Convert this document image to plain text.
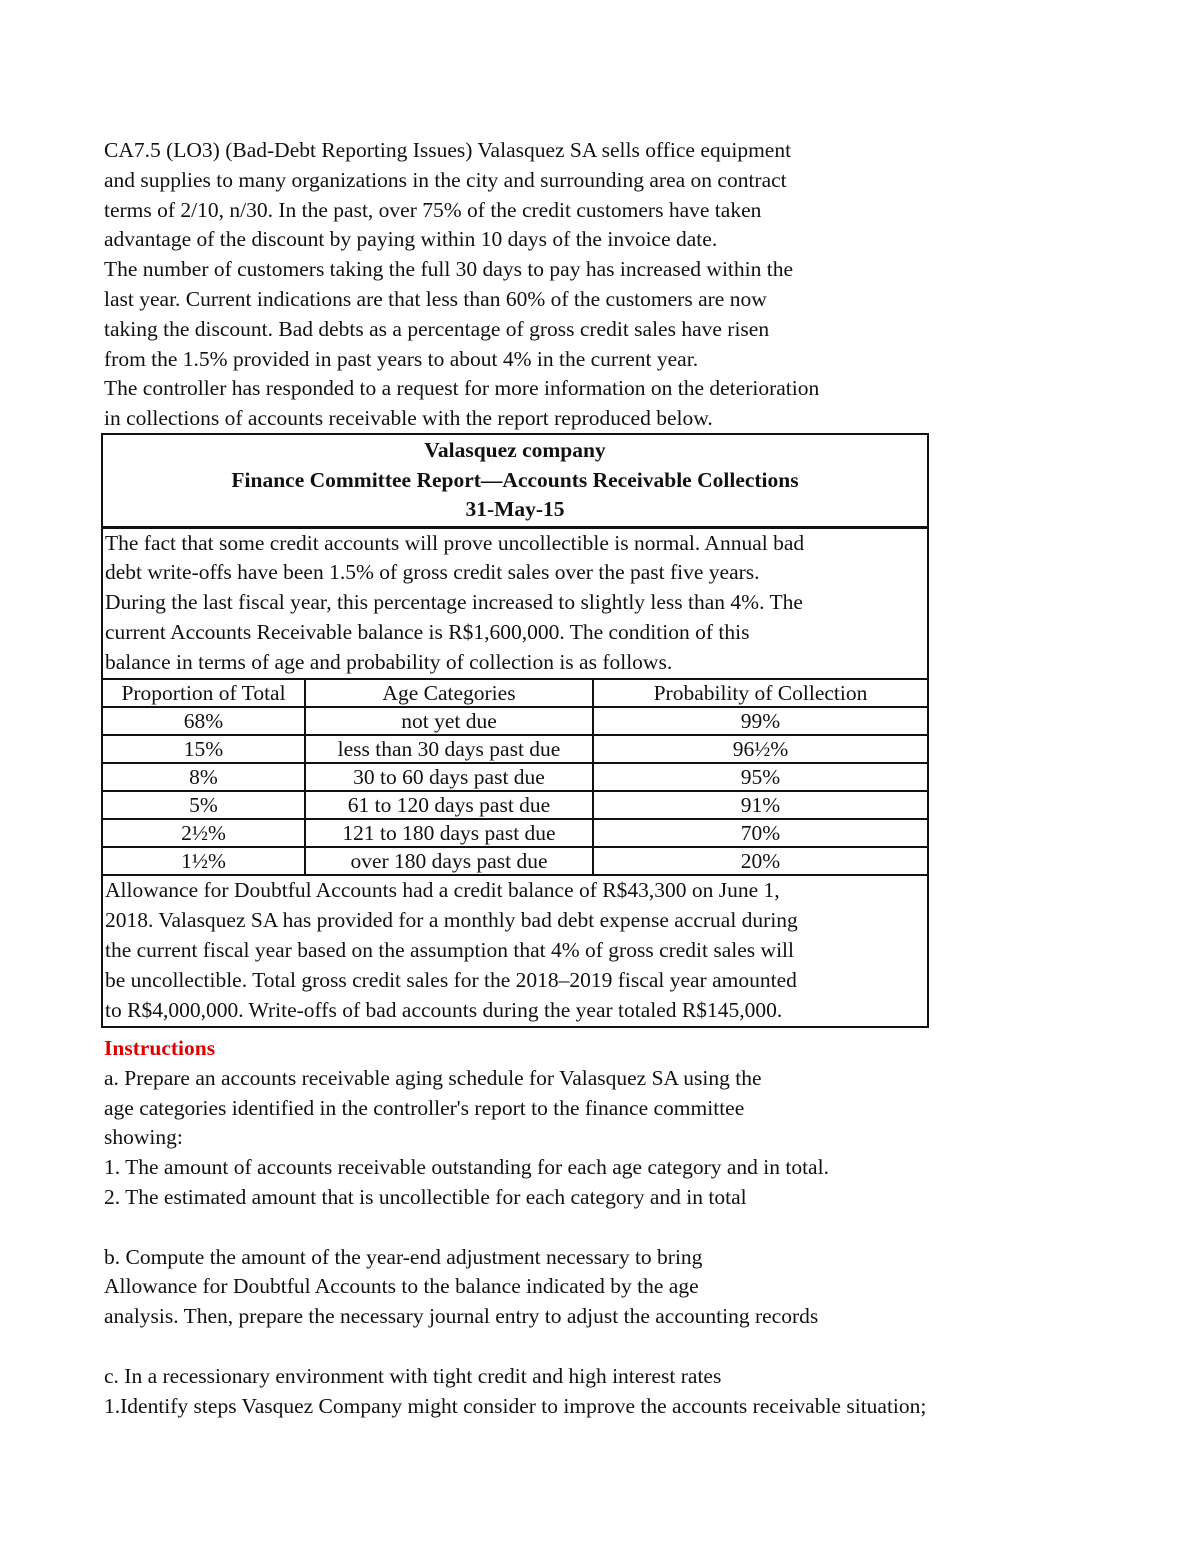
CA7.5 (LO3) (Bad-Debt Reporting Issues) Valasquez SA sells office equipment
and supplies to many organizations in the city and surrounding area on contract
terms of 2/10, n/30. In the past, over 75% of the credit customers have taken
advantage of the discount by paying within 10 days of the invoice date.
The number of customers taking the full 30 days to pay has increased within the
last year. Current indications are that less than 60% of the customers are now
taking the discount. Bad debts as a percentage of gross credit sales have risen
from the 1.5% provided in past years to about 4% in the current year.
The controller has responded to a request for more information on the deterioration
in collections of accounts receivable with the report reproduced below.
Valasquez company
Finance Committee Report—Accounts Receivable Collections
31-May-15
The fact that some credit accounts will prove uncollectible is normal. Annual bad
debt write-offs have been 1.5% of gross credit sales over the past five years.
During the last fiscal year, this percentage increased to slightly less than 4%. The
current Accounts Receivable balance is R$1,600,000. The condition of this
balance in terms of age and probability of collection is as follows.
Proportion of Total	Age Categories	Probability of Collection
68%	not yet due	99%
15%	less than 30 days past due	96½%
8%	30 to 60 days past due	95%
5%	61 to 120 days past due	91%
2½%	121 to 180 days past due	70%
1½%	over 180 days past due	20%
Allowance for Doubtful Accounts had a credit balance of R$43,300 on June 1,
2018. Valasquez SA has provided for a monthly bad debt expense accrual during
the current fiscal year based on the assumption that 4% of gross credit sales will
be uncollectible. Total gross credit sales for the 2018–2019 fiscal year amounted
to R$4,000,000. Write-offs of bad accounts during the year totaled R$145,000.
Instructions
a. Prepare an accounts receivable aging schedule for Valasquez SA using the
age categories identified in the controller's report to the finance committee
showing:
1. The amount of accounts receivable outstanding for each age category and in total.
2. The estimated amount that is uncollectible for each category and in total
b. Compute the amount of the year-end adjustment necessary to bring
Allowance for Doubtful Accounts to the balance indicated by the age
analysis. Then, prepare the necessary journal entry to adjust the accounting records
c. In a recessionary environment with tight credit and high interest rates
1.Identify steps Vasquez Company might consider to improve the accounts receivable situation;
